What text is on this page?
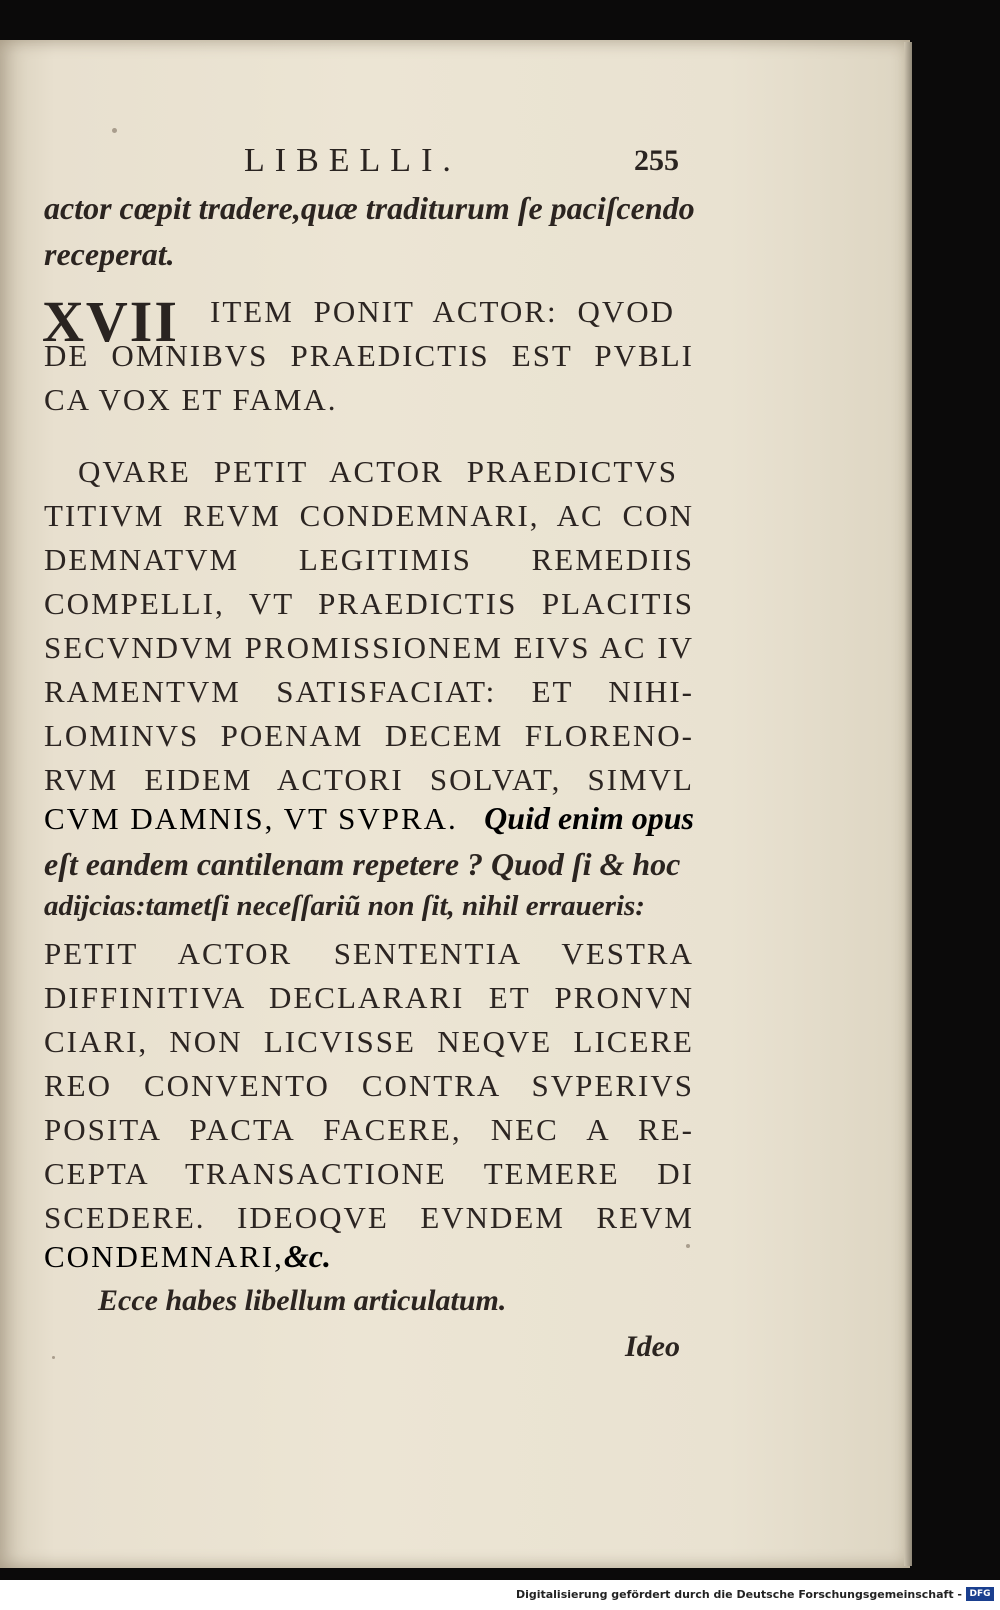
LIBELLI.	255
XVII
actor cœpit tradere,quæ traditurum ſe paciſcendo
receperat.
ITEM PONIT ACTOR: QVOD
DE OMNIBVS PRAEDICTIS EST PVBLI
CA VOX ET FAMA.
QVARE PETIT ACTOR PRAEDICTVS
TITIVM REVM CONDEMNARI, AC CON
DEMNATVM LEGITIMIS REMEDIIS
COMPELLI, VT PRAEDICTIS PLACITIS
SECVNDVM PROMISSIONEM EIVS AC IV
RAMENTVM SATISFACIAT: ET NIHI-
LOMINVS POENAM DECEM FLORENO-
RVM EIDEM ACTORI SOLVAT, SIMVL
CVM DAMNIS, VT SVPRA. Quid enim opus
eſt eandem cantilenam repetere ? Quod ſi & hoc
adijcias:tametſi neceſſariũ non ſit, nihil erraueris:
PETIT ACTOR SENTENTIA VESTRA
DIFFINITIVA DECLARARI ET PRONVN
CIARI, NON LICVISSE NEQVE LICERE
REO CONVENTO CONTRA SVPERIVS
POSITA PACTA FACERE, NEC A RE-
CEPTA TRANSACTIONE TEMERE DI
SCEDERE. IDEOQVE EVNDEM REVM
CONDEMNARI,&c.
Ecce habes libellum articulatum.
Ideo
Digitalisierung gefördert durch die Deutsche Forschungsgemeinschaft - DFG
